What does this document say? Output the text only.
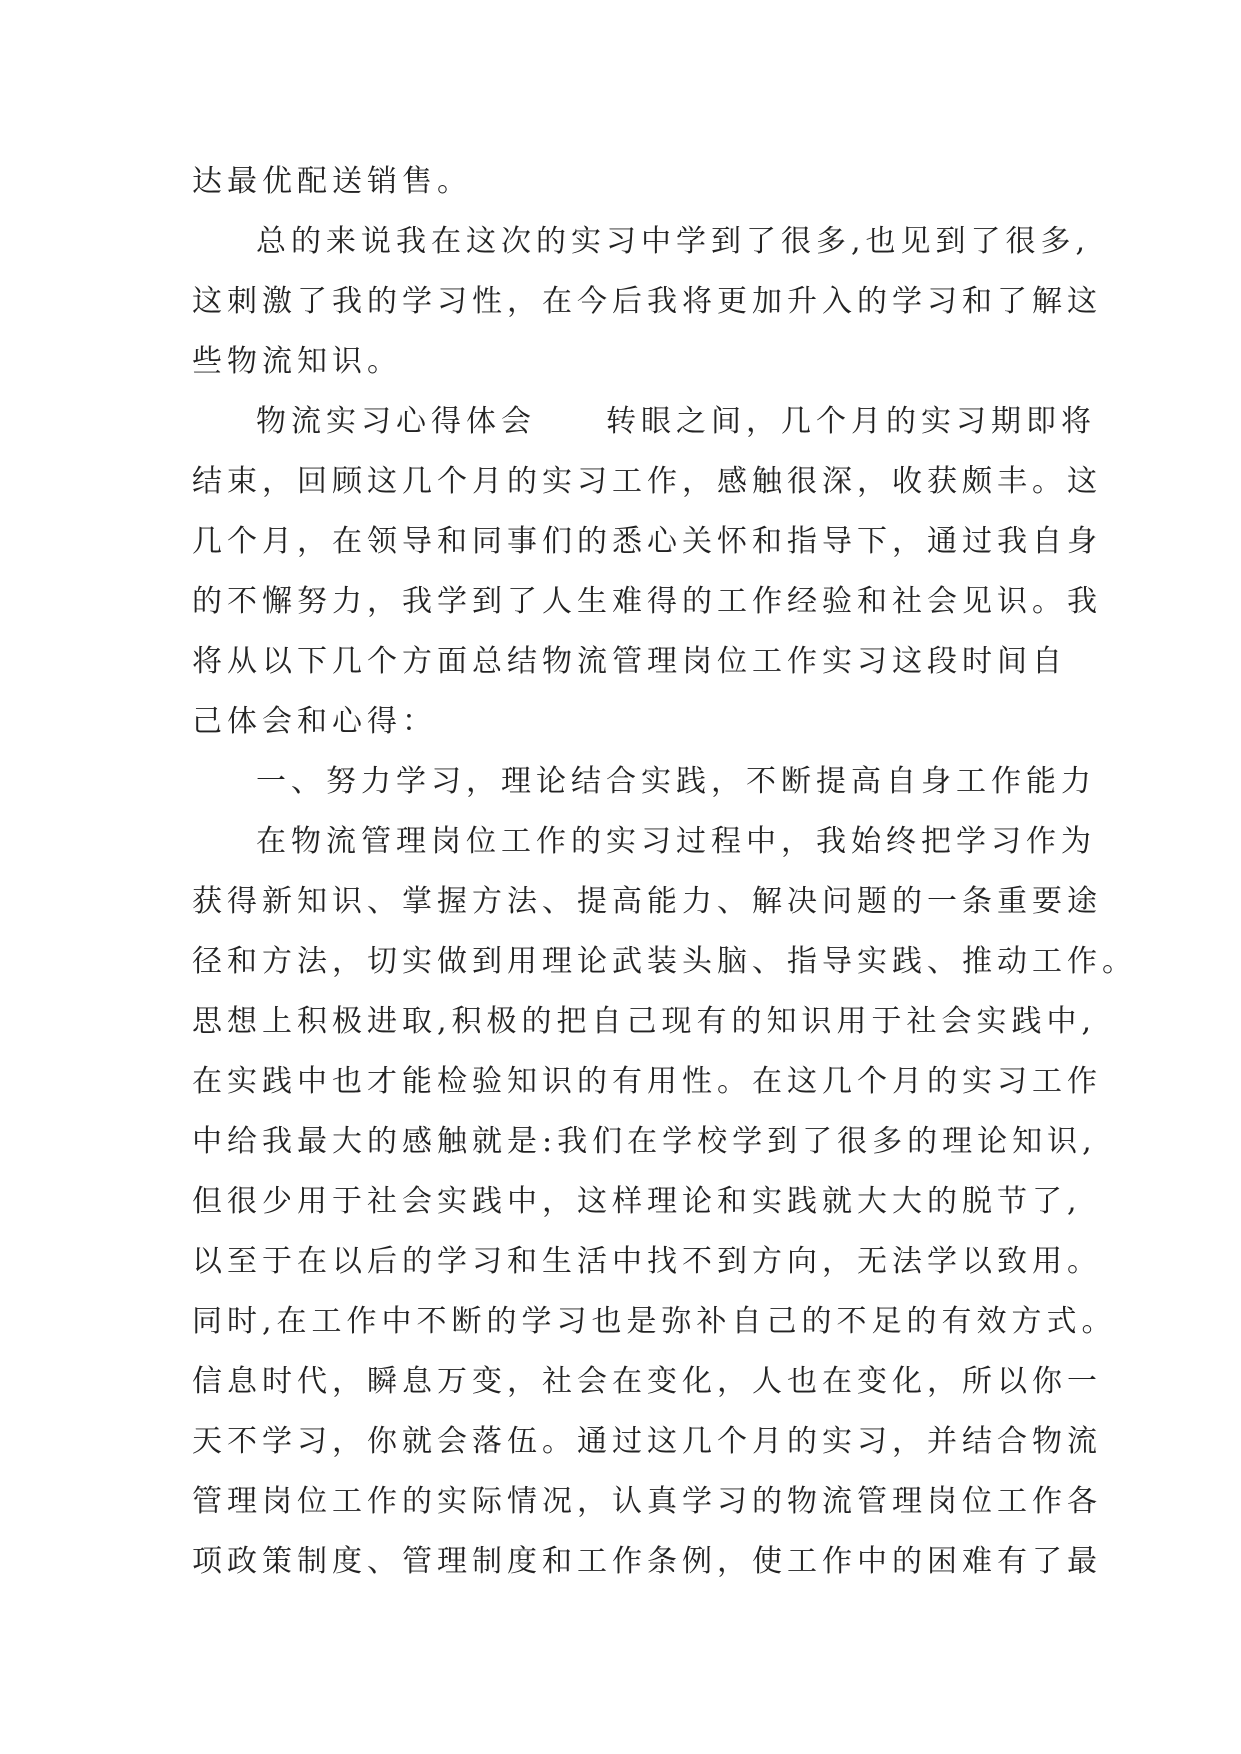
达最优配送销售。
总的来说我在这次的实习中学到了很多,也见到了很多,
这刺激了我的学习性，在今后我将更加升入的学习和了解这
些物流知识。
物流实习心得体会　　转眼之间，几个月的实习期即将
结束，回顾这几个月的实习工作，感触很深，收获颇丰。这
几个月，在领导和同事们的悉心关怀和指导下，通过我自身
的不懈努力，我学到了人生难得的工作经验和社会见识。我
将从以下几个方面总结物流管理岗位工作实习这段时间自
己体会和心得：
一、努力学习，理论结合实践，不断提高自身工作能力
在物流管理岗位工作的实习过程中，我始终把学习作为
获得新知识、掌握方法、提高能力、解决问题的一条重要途
径和方法，切实做到用理论武装头脑、指导实践、推动工作。
思想上积极进取,积极的把自己现有的知识用于社会实践中,
在实践中也才能检验知识的有用性。在这几个月的实习工作
中给我最大的感触就是:我们在学校学到了很多的理论知识,
但很少用于社会实践中，这样理论和实践就大大的脱节了,
以至于在以后的学习和生活中找不到方向，无法学以致用。
同时,在工作中不断的学习也是弥补自己的不足的有效方式。
信息时代，瞬息万变，社会在变化，人也在变化，所以你一
天不学习，你就会落伍。通过这几个月的实习，并结合物流
管理岗位工作的实际情况，认真学习的物流管理岗位工作各
项政策制度、管理制度和工作条例，使工作中的困难有了最
